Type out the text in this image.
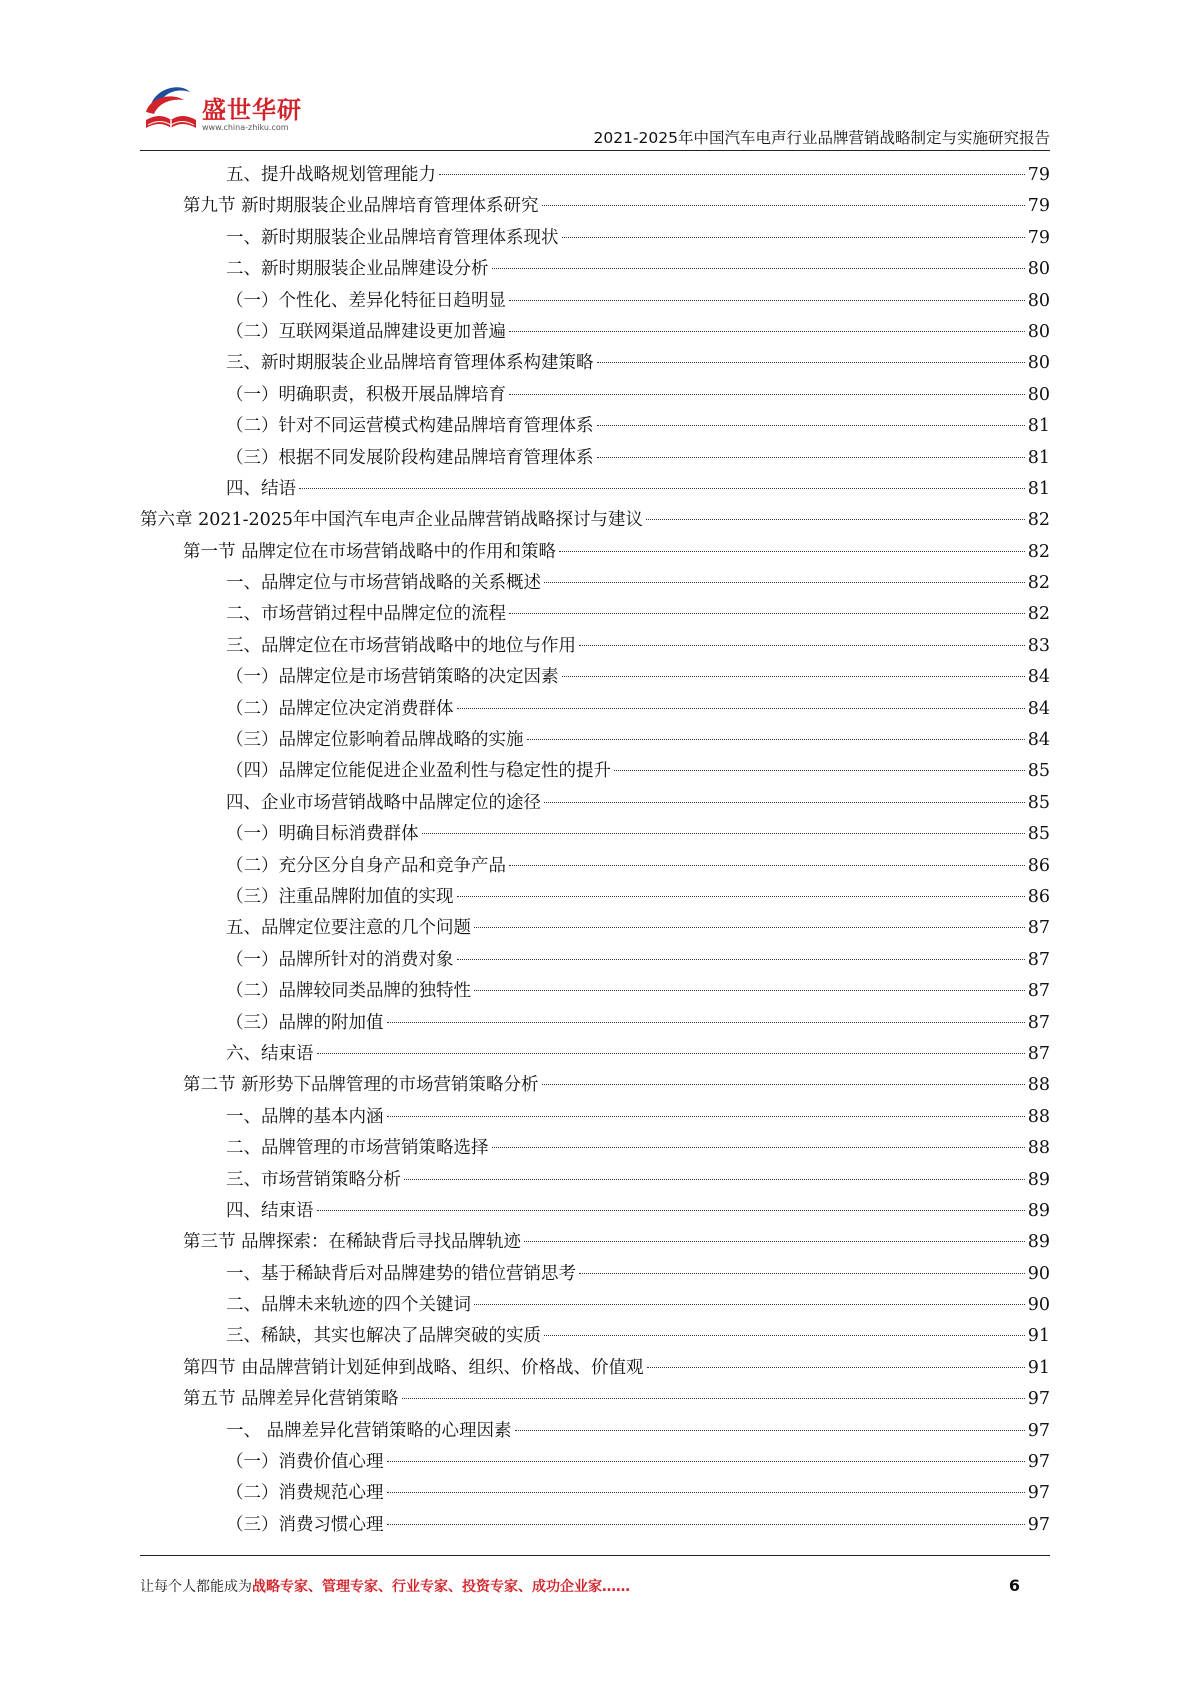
盛世华研
www.china-zhiku.com
2021-2025年中国汽车电声行业品牌营销战略制定与实施研究报告
五、提升战略规划管理能力	79
第九节 新时期服装企业品牌培育管理体系研究	79
一、新时期服装企业品牌培育管理体系现状	79
二、新时期服装企业品牌建设分析	80
（一）个性化、差异化特征日趋明显	80
（二）互联网渠道品牌建设更加普遍	80
三、新时期服装企业品牌培育管理体系构建策略	80
（一）明确职责，积极开展品牌培育	80
（二）针对不同运营模式构建品牌培育管理体系	81
（三）根据不同发展阶段构建品牌培育管理体系	81
四、结语	81
第六章 2021-2025年中国汽车电声企业品牌营销战略探讨与建议	82
第一节 品牌定位在市场营销战略中的作用和策略	82
一、品牌定位与市场营销战略的关系概述	82
二、市场营销过程中品牌定位的流程	82
三、品牌定位在市场营销战略中的地位与作用	83
（一）品牌定位是市场营销策略的决定因素	84
（二）品牌定位决定消费群体	84
（三）品牌定位影响着品牌战略的实施	84
（四）品牌定位能促进企业盈利性与稳定性的提升	85
四、企业市场营销战略中品牌定位的途径	85
（一）明确目标消费群体	85
（二）充分区分自身产品和竞争产品	86
（三）注重品牌附加值的实现	86
五、品牌定位要注意的几个问题	87
（一）品牌所针对的消费对象	87
（二）品牌较同类品牌的独特性	87
（三）品牌的附加值	87
六、结束语	87
第二节 新形势下品牌管理的市场营销策略分析	88
一、品牌的基本内涵	88
二、品牌管理的市场营销策略选择	88
三、市场营销策略分析	89
四、结束语	89
第三节 品牌探索：在稀缺背后寻找品牌轨迹	89
一、基于稀缺背后对品牌建势的错位营销思考	90
二、品牌未来轨迹的四个关键词	90
三、稀缺，其实也解决了品牌突破的实质	91
第四节 由品牌营销计划延伸到战略、组织、价格战、价值观	91
第五节 品牌差异化营销策略	97
一、 品牌差异化营销策略的心理因素	97
（一）消费价值心理	97
（二）消费规范心理	97
（三）消费习惯心理	97
让每个人都能成为战略专家、管理专家、行业专家、投资专家、成功企业家……	6
